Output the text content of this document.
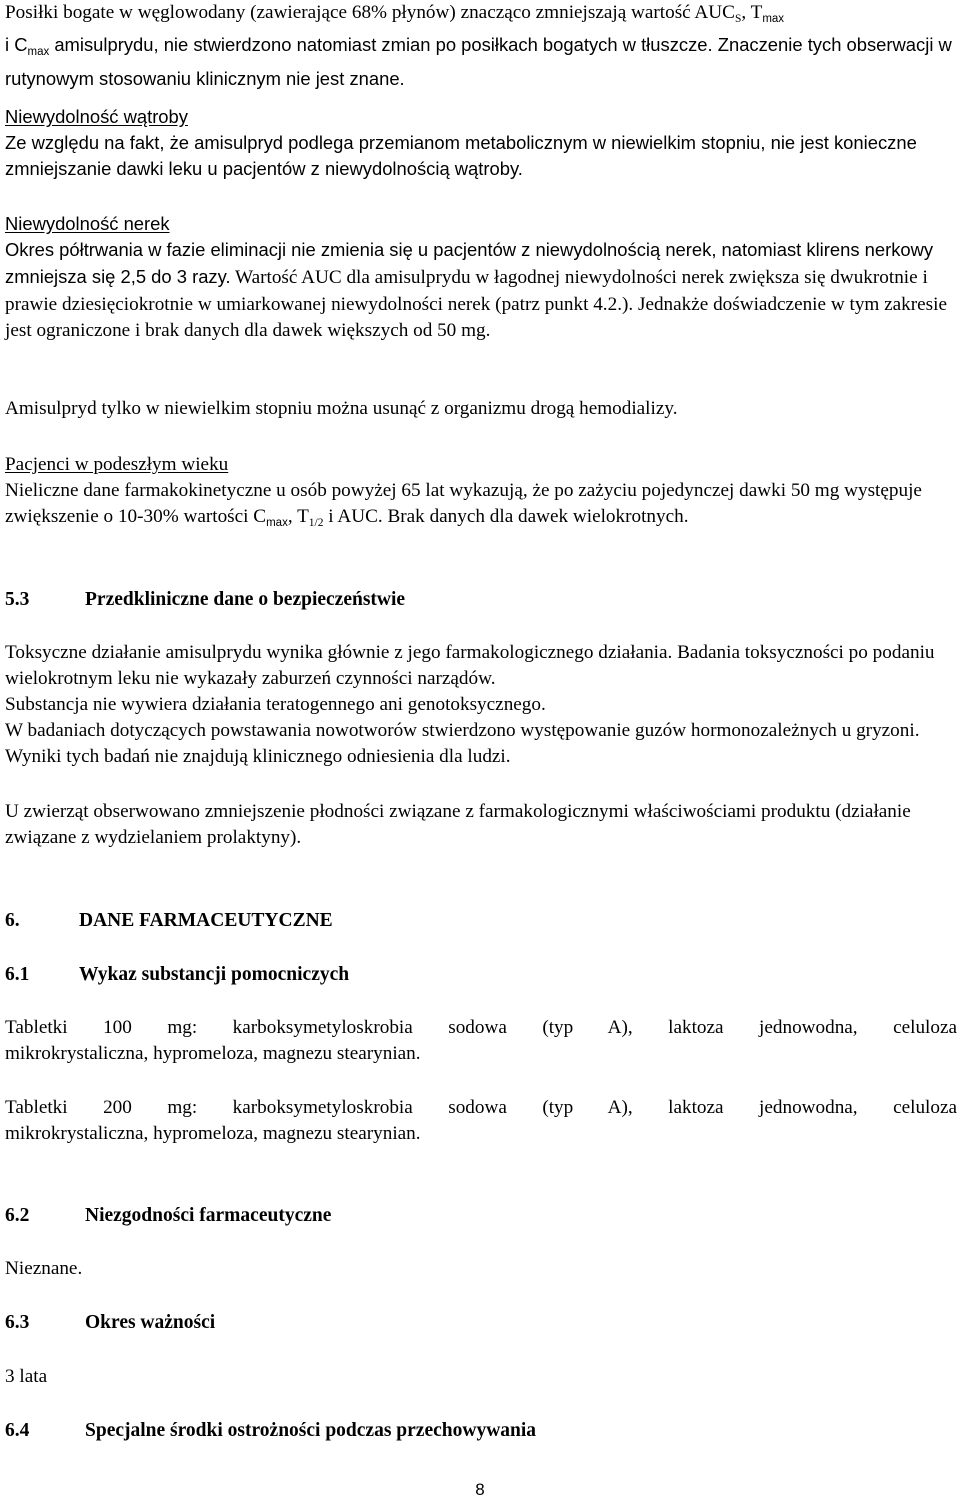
Posiłki bogate w węglowodany (zawierające 68% płynów) znacząco zmniejszają wartość $AUC_S$, $T_{max}$
i $C_{max}$ amisulprydu, nie stwierdzono natomiast zmian po posiłkach bogatych w tłuszcze. Znaczenie tych obserwacji w rutynowym stosowaniu klinicznym nie jest znane.

Niewydolność wątroby

Ze względu na fakt, że amisulpryd podlega przemianom metabolicznym w niewielkim stopniu, nie jest konieczne zmniejszanie dawki leku u pacjentów z niewydolnością wątroby.

Niewydolność nerek

Okres półtrwania w fazie eliminacji nie zmienia się u pacjentów z niewydolnością nerek, natomiast klirens nerkowy zmniejsza się 2,5 do 3 razy. Wartość AUC dla amisulprydu w łagodnej niewydolności nerek zwiększa się dwukrotnie i prawie dziesięciokrotnie w umiarkowanej niewydolności nerek (patrz punkt 4.2.). Jednakże doświadczenie w tym zakresie jest ograniczone i brak danych dla dawek większych od 50 mg.

Amisulpryd tylko w niewielkim stopniu można usunąć z organizmu drogą hemodializy.

Pacjenci w podeszłym wieku

Nieliczne dane farmakokinetyczne u osób powyżej 65 lat wykazują, że po zażyciu pojedynczej dawki 50 mg występuje zwiększenie o 10-30% wartości $C_{max}$, $T_{1/2}$ i AUC. Brak danych dla dawek wielokrotnych.

5.3	Przedkliniczne dane o bezpieczeństwie

Toksyczne działanie amisulprydu wynika głównie z jego farmakologicznego działania. Badania toksyczności po podaniu wielokrotnym leku nie wykazały zaburzeń czynności narządów.

Substancja nie wywiera działania teratogennego ani genotoksycznego.

W badaniach dotyczących powstawania nowotworów stwierdzono występowanie guzów hormonozależnych u gryzoni. Wyniki tych badań nie znajdują klinicznego odniesienia dla ludzi.

U zwierząt obserwowano zmniejszenie płodności związane z farmakologicznymi właściwościami produktu (działanie związane z wydzielaniem prolaktyny).

6.	DANE FARMACEUTYCZNE
6.1	Wykaz substancji pomocniczych

Tabletki 100 mg: karboksymetyloskrobia sodowa (typ A), laktoza jednowodna, celuloza

mikrokrystaliczna, hypromeloza, magnezu stearynian.

Tabletki 200 mg: karboksymetyloskrobia sodowa (typ A), laktoza jednowodna, celuloza

mikrokrystaliczna, hypromeloza, magnezu stearynian.

6.2	Niezgodności farmaceutyczne

Nieznane.

6.3	Okres ważności

3 lata

6.4	Specjalne środki ostrożności podczas przechowywania
8
